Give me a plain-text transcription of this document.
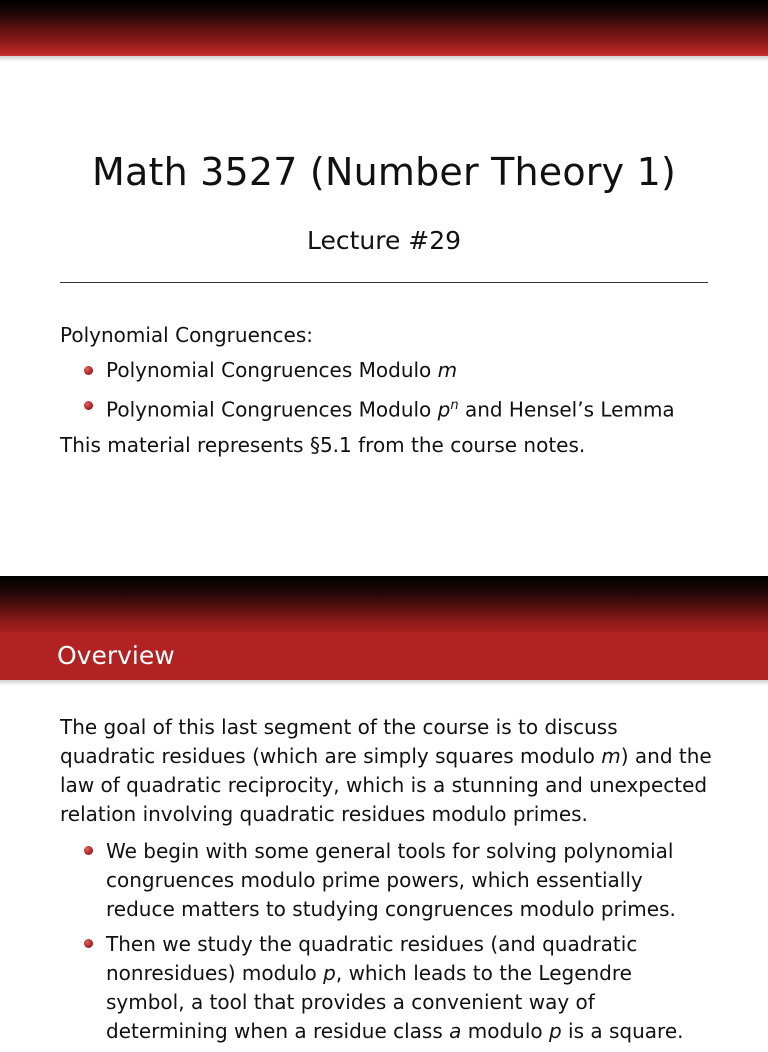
Math 3527 (Number Theory 1)
Lecture #29
Polynomial Congruences:
Polynomial Congruences Modulo m
Polynomial Congruences Modulo $p^n$ and Hensel’s Lemma
This material represents §5.1 from the course notes.
Overview

The goal of this last segment of the course is to discuss quadratic residues (which are simply squares modulo m) and the law of quadratic reciprocity, which is a stunning and unexpected relation involving quadratic residues modulo primes.

We begin with some general tools for solving polynomial congruences modulo prime powers, which essentially reduce matters to studying congruences modulo primes.
Then we study the quadratic residues (and quadratic nonresidues) modulo p, which leads to the Legendre symbol, a tool that provides a convenient way of determining when a residue class a modulo p is a square.
